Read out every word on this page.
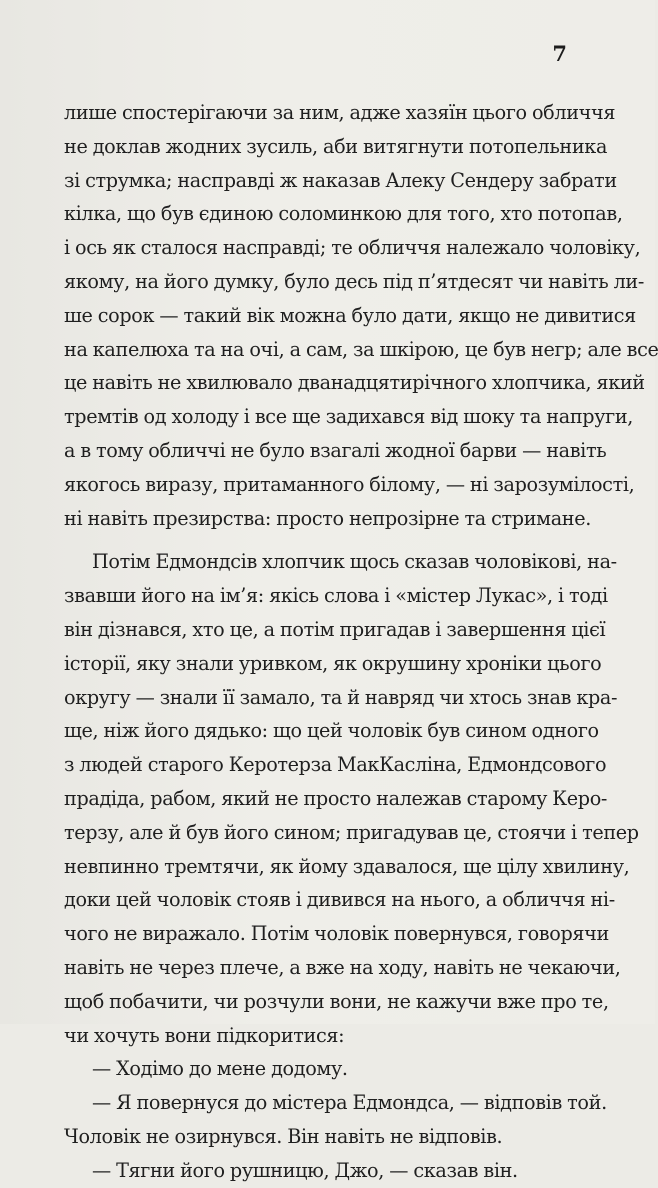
7
лише спостерігаючи за ним, адже хазяїн цього обличчя
не доклав жодних зусиль, аби витягнути потопельника
зі струмка; насправді ж наказав Алеку Сендеру забрати
кілка, що був єдиною соломинкою для того, хто потопав,
і ось як сталося насправді; те обличчя належало чоловіку,
якому, на його думку, було десь під п’ятдесят чи навіть ли-
ше сорок — такий вік можна було дати, якщо не дивитися
на капелюха та на очі, а сам, за шкірою, це був негр; але все
це навіть не хвилювало дванадцятирічного хлопчика, який
тремтів од холоду і все ще задихався від шоку та напруги,
а в тому обличчі не було взагалі жодної барви — навіть
якогось виразу, притаманного білому, — ні зарозумілості,
ні навіть презирства: просто непрозірне та стримане.
Потім Едмондсів хлопчик щось сказав чоловікові, на-
звавши його на ім’я: якісь слова і «містер Лукас», і тоді
він дізнався, хто це, а потім пригадав і завершення цієї
історії, яку знали уривком, як окрушину хроніки цього
округу — знали її замало, та й навряд чи хтось знав кра-
ще, ніж його дядько: що цей чоловік був сином одного
з людей старого Керотерза МакКасліна, Едмондсового
прадіда, рабом, який не просто належав старому Керо-
терзу, але й був його сином; пригадував це, стоячи і тепер
невпинно тремтячи, як йому здавалося, ще цілу хвилину,
доки цей чоловік стояв і дивився на нього, а обличчя ні-
чого не виражало. Потім чоловік повернувся, говорячи
навіть не через плече, а вже на ходу, навіть не чекаючи,
щоб побачити, чи розчули вони, не кажучи вже про те,
чи хочуть вони підкоритися:
— Ходімо до мене додому.
— Я повернуся до містера Едмондса, — відповів той.
Чоловік не озирнувся. Він навіть не відповів.
— Тягни його рушницю, Джо, — сказав він.
